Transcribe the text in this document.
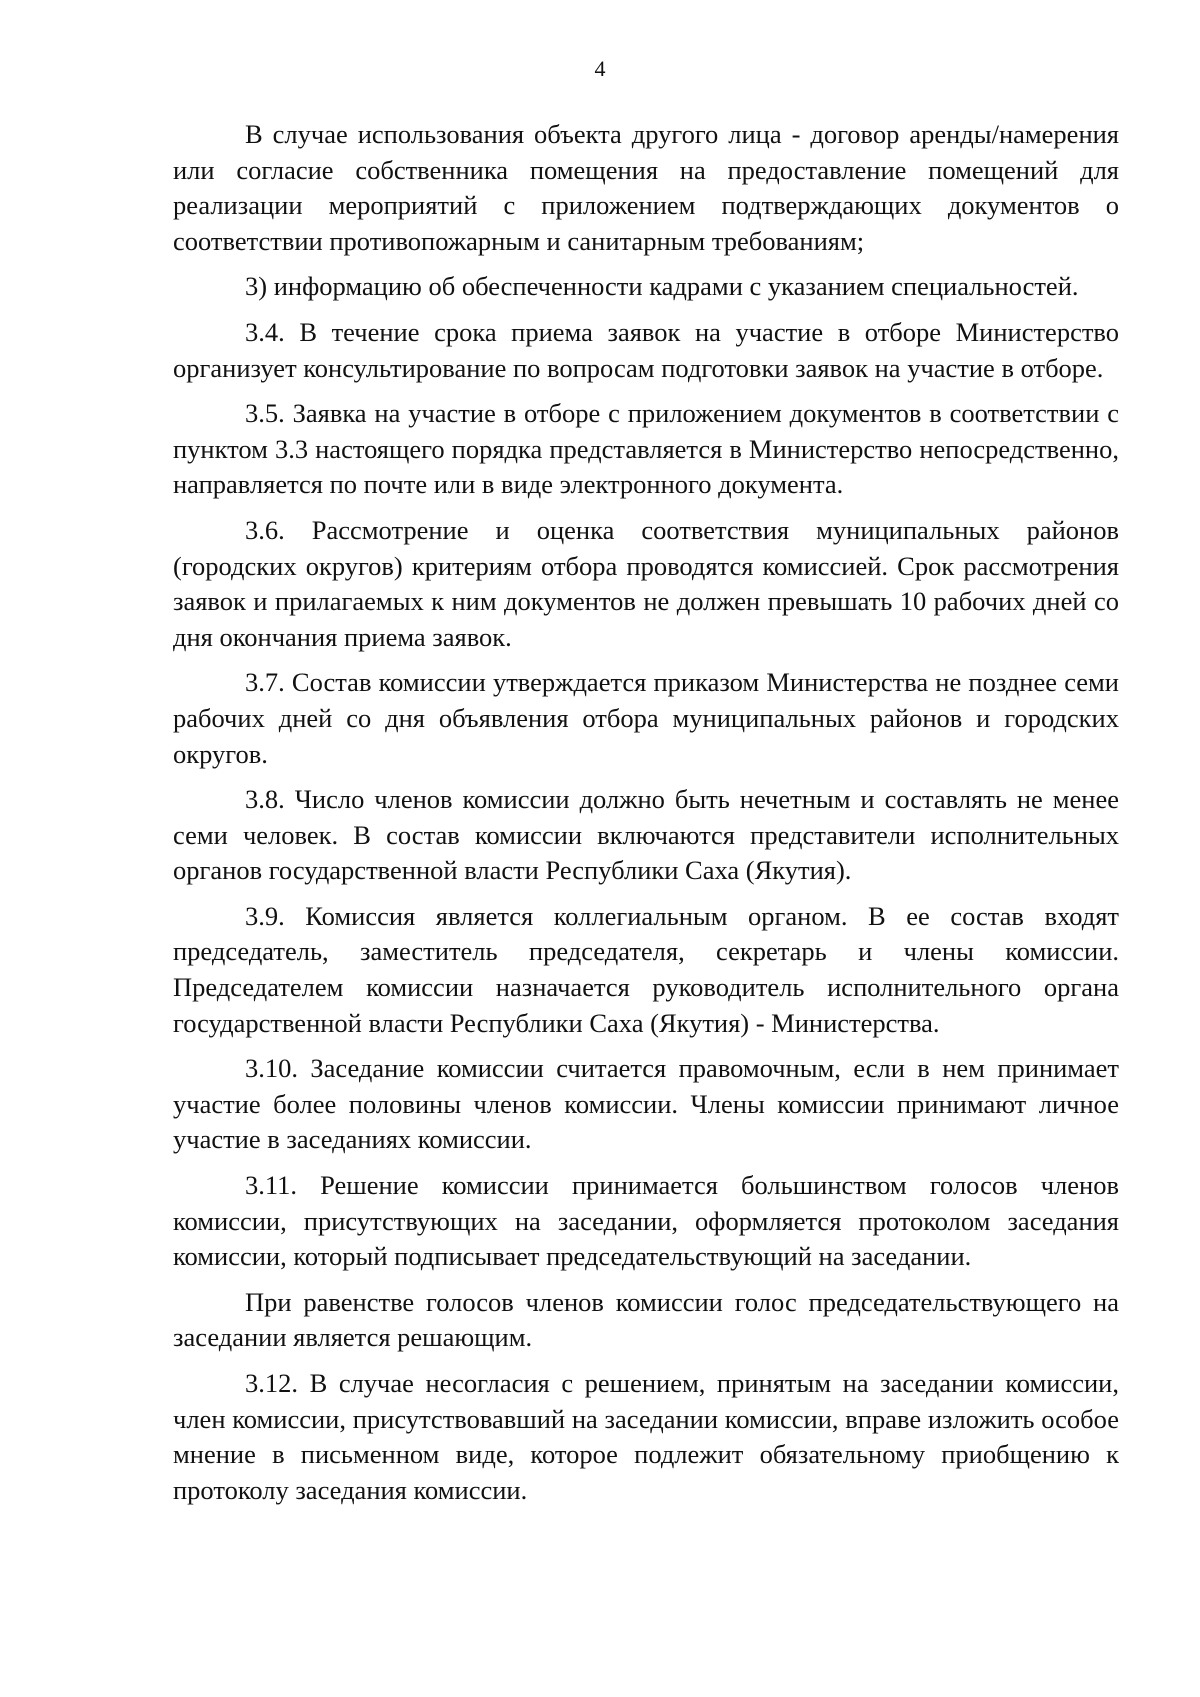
4

В случае использования объекта другого лица - договор аренды/намерения или согласие собственника помещения на предоставление помещений для реализации мероприятий с приложением подтверждающих документов о соответствии противопожарным и санитарным требованиям;

3) информацию об обеспеченности кадрами с указанием специальностей.

3.4. В течение срока приема заявок на участие в отборе Министерство организует консультирование по вопросам подготовки заявок на участие в отборе.

3.5. Заявка на участие в отборе с приложением документов в соответствии с пунктом 3.3 настоящего порядка представляется в Министерство непосредственно, направляется по почте или в виде электронного документа.

3.6. Рассмотрение и оценка соответствия муниципальных районов (городских округов) критериям отбора проводятся комиссией. Срок рассмотрения заявок и прилагаемых к ним документов не должен превышать 10 рабочих дней со дня окончания приема заявок.

3.7. Состав комиссии утверждается приказом Министерства не позднее семи рабочих дней со дня объявления отбора муниципальных районов и городских округов.

3.8. Число членов комиссии должно быть нечетным и составлять не менее семи человек. В состав комиссии включаются представители исполнительных органов государственной власти Республики Саха (Якутия).

3.9. Комиссия является коллегиальным органом. В ее состав входят председатель, заместитель председателя, секретарь и члены комиссии. Председателем комиссии назначается руководитель исполнительного органа государственной власти Республики Саха (Якутия) - Министерства.

3.10. Заседание комиссии считается правомочным, если в нем принимает участие более половины членов комиссии. Члены комиссии принимают личное участие в заседаниях комиссии.

3.11. Решение комиссии принимается большинством голосов членов комиссии, присутствующих на заседании, оформляется протоколом заседания комиссии, который подписывает председательствующий на заседании.

При равенстве голосов членов комиссии голос председательствующего на заседании является решающим.

3.12. В случае несогласия с решением, принятым на заседании комиссии, член комиссии, присутствовавший на заседании комиссии, вправе изложить особое мнение в письменном виде, которое подлежит обязательному приобщению к протоколу заседания комиссии.
